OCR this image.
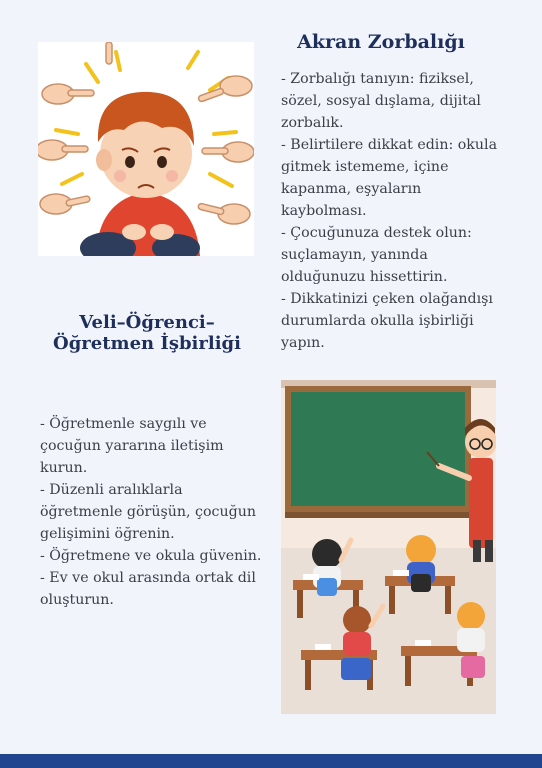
Akran Zorbalığı

- Zorbalığı tanıyın: fiziksel, sözel, sosyal dışlama, dijital zorbalık.

- Belirtilere dikkat edin: okula gitmek istememe, içine kapanma, eşyaların kaybolması.

- Çocuğunuza destek olun: suçlamayın, yanında olduğunuzu hissettirin.

- Dikkatinizi çeken olağandışı durumlarda okulla işbirliği yapın.

Veli–Öğrenci–
Öğretmen İşbirliği

- Öğretmenle saygılı ve çocuğun yararına iletişim kurun.

- Düzenli aralıklarla öğretmenle görüşün, çocuğun gelişimini öğrenin.

- Öğretmene ve okula güvenin.

- Ev ve okul arasında ortak dil oluşturun.
